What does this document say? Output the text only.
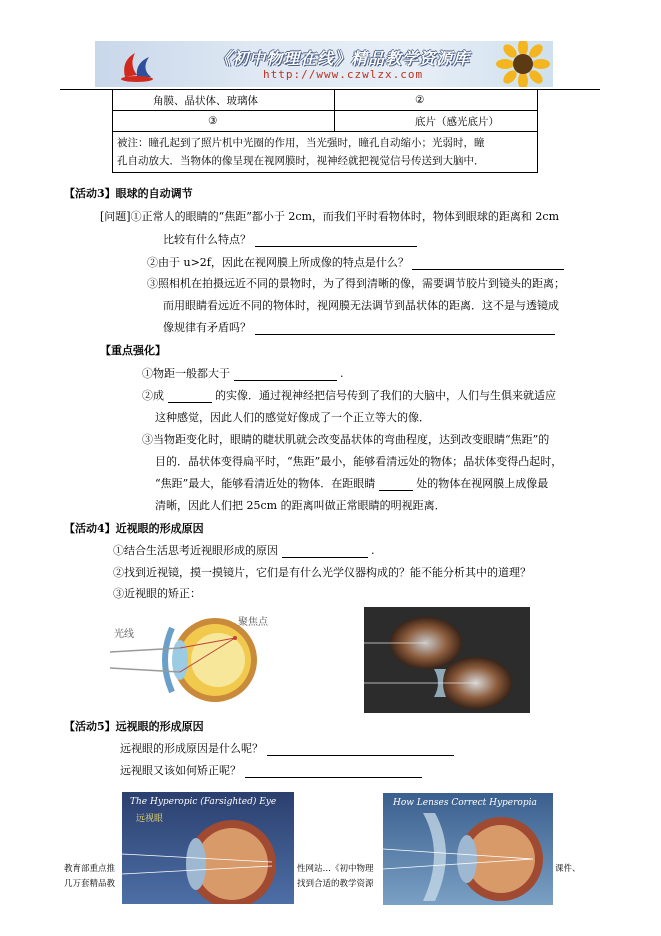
《初中物理在线》精品教学资源库
http://www.czwlzx.com
角膜、晶状体、玻璃体	②
③	底片（感光底片）

被注：瞳孔起到了照片机中光圈的作用，当光强时，瞳孔自动缩小；光弱时，瞳
孔自动放大．当物体的像呈现在视网膜时，视神经就把视觉信号传送到大脑中．	
【活动3】眼球的自动调节
[问题]①正常人的眼睛的“焦距”都小于 2cm，而我们平时看物体时，物体到眼球的距离和 2cm
比较有什么特点？
②由于 u>2f，因此在视网膜上所成像的特点是什么？
③照相机在拍摄远近不同的景物时，为了得到清晰的像，需要调节胶片到镜头的距离；
而用眼睛看远近不同的物体时，视网膜无法调节到晶状体的距离．这不是与透镜成
像规律有矛盾吗？
【重点强化】
①物距一般都大于	.
②成	的实像．通过视神经把信号传到了我们的大脑中，人们与生俱来就适应
这种感觉，因此人们的感觉好像成了一个正立等大的像．
③当物距变化时，眼睛的睫状肌就会改变晶状体的弯曲程度，达到改变眼睛“焦距”的
目的．晶状体变得扁平时，“焦距”最小，能够看清远处的物体；晶状体变得凸起时，
“焦距”最大，能够看清近处的物体．在距眼睛	处的物体在视网膜上成像最
清晰，因此人们把 25cm 的距离叫做正常眼睛的明视距离．
【活动4】近视眼的形成原因
①结合生活思考近视眼形成的原因	.
②找到近视镜，摸一摸镜片，它们是有什么光学仪器构成的？能不能分析其中的道理？
③近视眼的矫正：
光线
聚焦点
【活动5】远视眼的形成原因
远视眼的形成原因是什么呢？
远视眼又该如何矫正呢？
The Hyperopic (Farsighted) Eye
远视眼
How Lenses Correct Hyperopia
教育部重点推
几万套精品教
性网站…《初中物理
找到合适的教学资源
课件、
